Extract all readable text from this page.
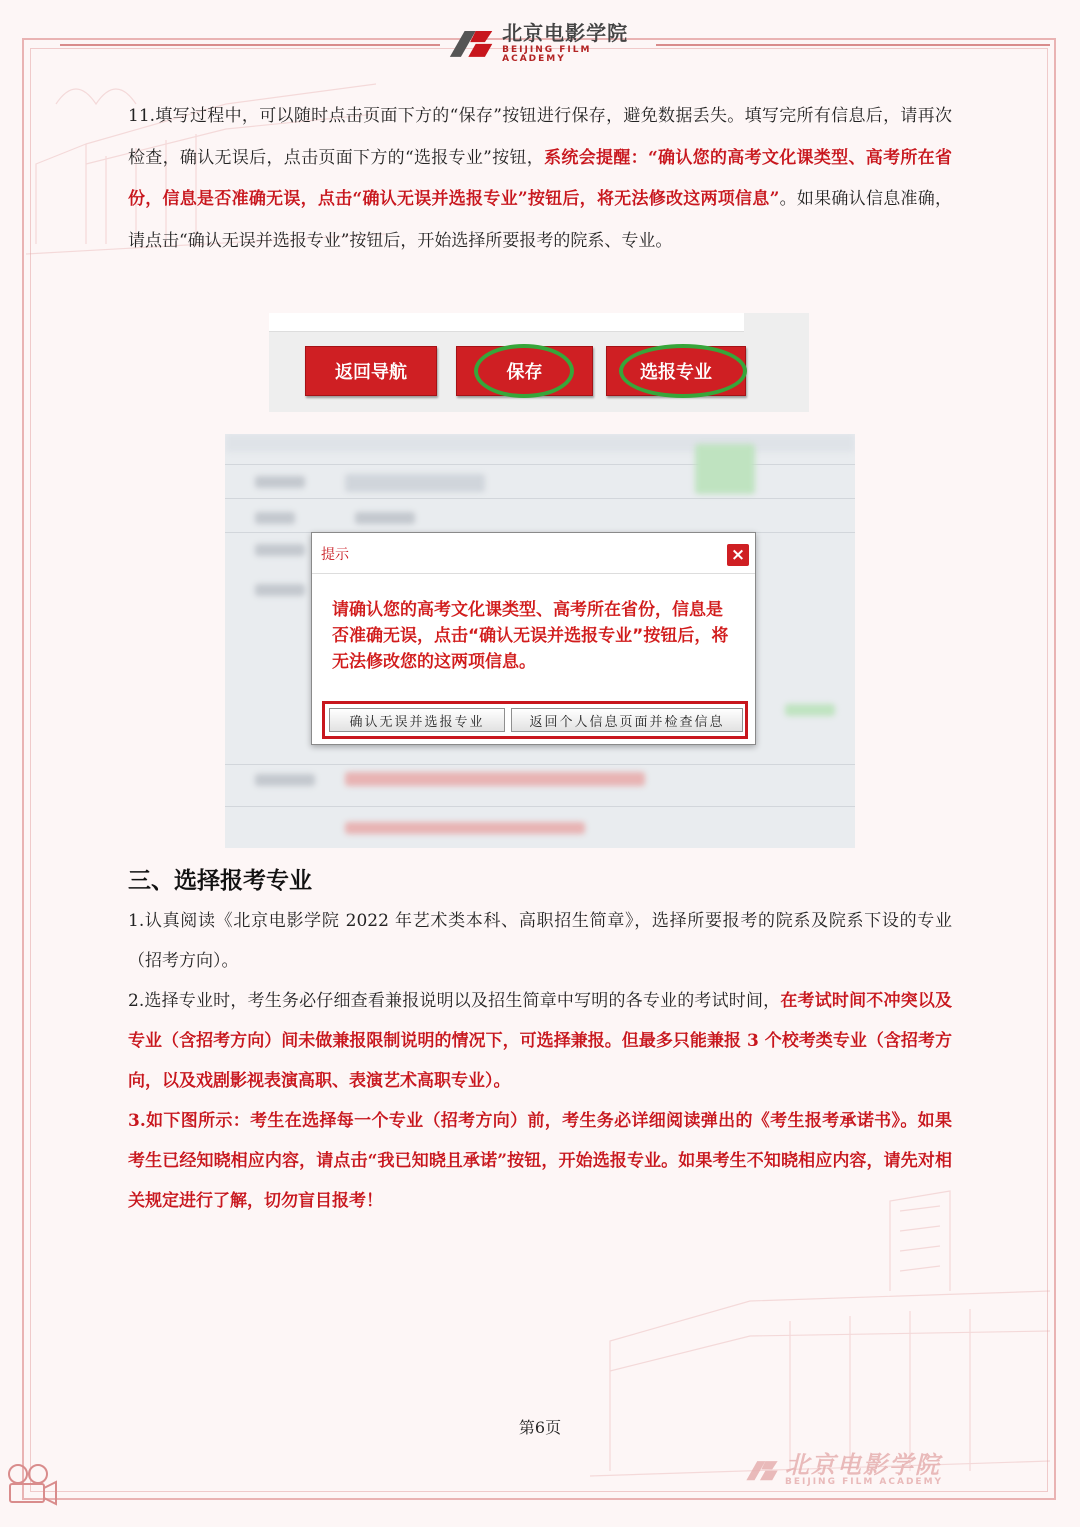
北京电影学院
BEIJING FILM ACADEMY

11.填写过程中，可以随时点击页面下方的“保存”按钮进行保存，避免数据丢失。填写完所有信息后，请再次检查，确认无误后，点击页面下方的“选报专业”按钮，系统会提醒：“确认您的高考文化课类型、高考所在省份，信息是否准确无误，点击“确认无误并选报专业”按钮后，将无法修改这两项信息”。如果确认信息准确，请点击“确认无误并选报专业”按钮后，开始选择所要报考的院系、专业。

返回导航	保存	选报专业
提示	×
请确认您的高考文化课类型、高考所在省份，信息是否准确无误，点击“确认无误并选报专业”按钮后，将无法修改您的这两项信息。
确认无误并选报专业	返回个人信息页面并检查信息
三、选择报考专业

1.认真阅读《北京电影学院 2022 年艺术类本科、高职招生简章》，选择所要报考的院系及院系下设的专业（招考方向）。

2.选择专业时，考生务必仔细查看兼报说明以及招生简章中写明的各专业的考试时间，在考试时间不冲突以及专业（含招考方向）间未做兼报限制说明的情况下，可选择兼报。但最多只能兼报 3 个校考类专业（含招考方向，以及戏剧影视表演高职、表演艺术高职专业）。

3.如下图所示：考生在选择每一个专业（招考方向）前，考生务必详细阅读弹出的《考生报考承诺书》。如果考生已经知晓相应内容，请点击“我已知晓且承诺”按钮，开始选报专业。如果考生不知晓相应内容，请先对相关规定进行了解，切勿盲目报考！

第6页
北京电影学院
BEIJING FILM ACADEMY
